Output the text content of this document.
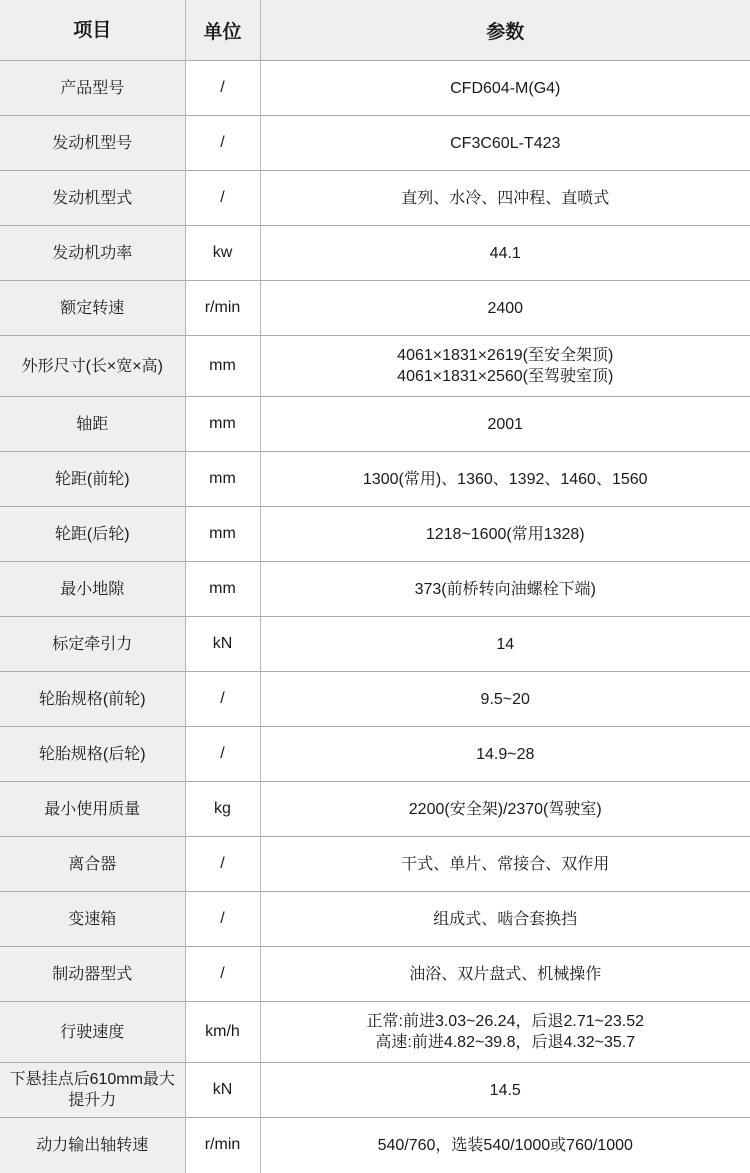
项目	单位	参数
产品型号	/	CFD604-M(G4)

发动机型号	/	CF3C60L-T423

发动机型式	/	直列、水冷、四冲程、直喷式

发动机功率	kw	44.1

额定转速	r/min	2400

外形尺寸(长×宽×高)	mm	4061×1831×2619(至安全架顶)
4061×1831×2560(至驾驶室顶)

轴距	mm	2001

轮距(前轮)	mm	1300(常用)、1360、1392、1460、1560

轮距(后轮)	mm	1218~1600(常用1328)

最小地隙	mm	373(前桥转向油螺栓下端)

标定牵引力	kN	14

轮胎规格(前轮)	/	9.5~20

轮胎规格(后轮)	/	14.9~28

最小使用质量	kg	2200(安全架)/2370(驾驶室)

离合器	/	干式、单片、常接合、双作用

变速箱	/	组成式、啮合套换挡

制动器型式	/	油浴、双片盘式、机械操作

行驶速度	km/h	正常:前进3.03~26.24，后退2.71~23.52
高速:前进4.82~39.8，后退4.32~35.7

下悬挂点后610mm最大提升力	kN	14.5

动力输出轴转速	r/min	540/760，选装540/1000或760/1000
